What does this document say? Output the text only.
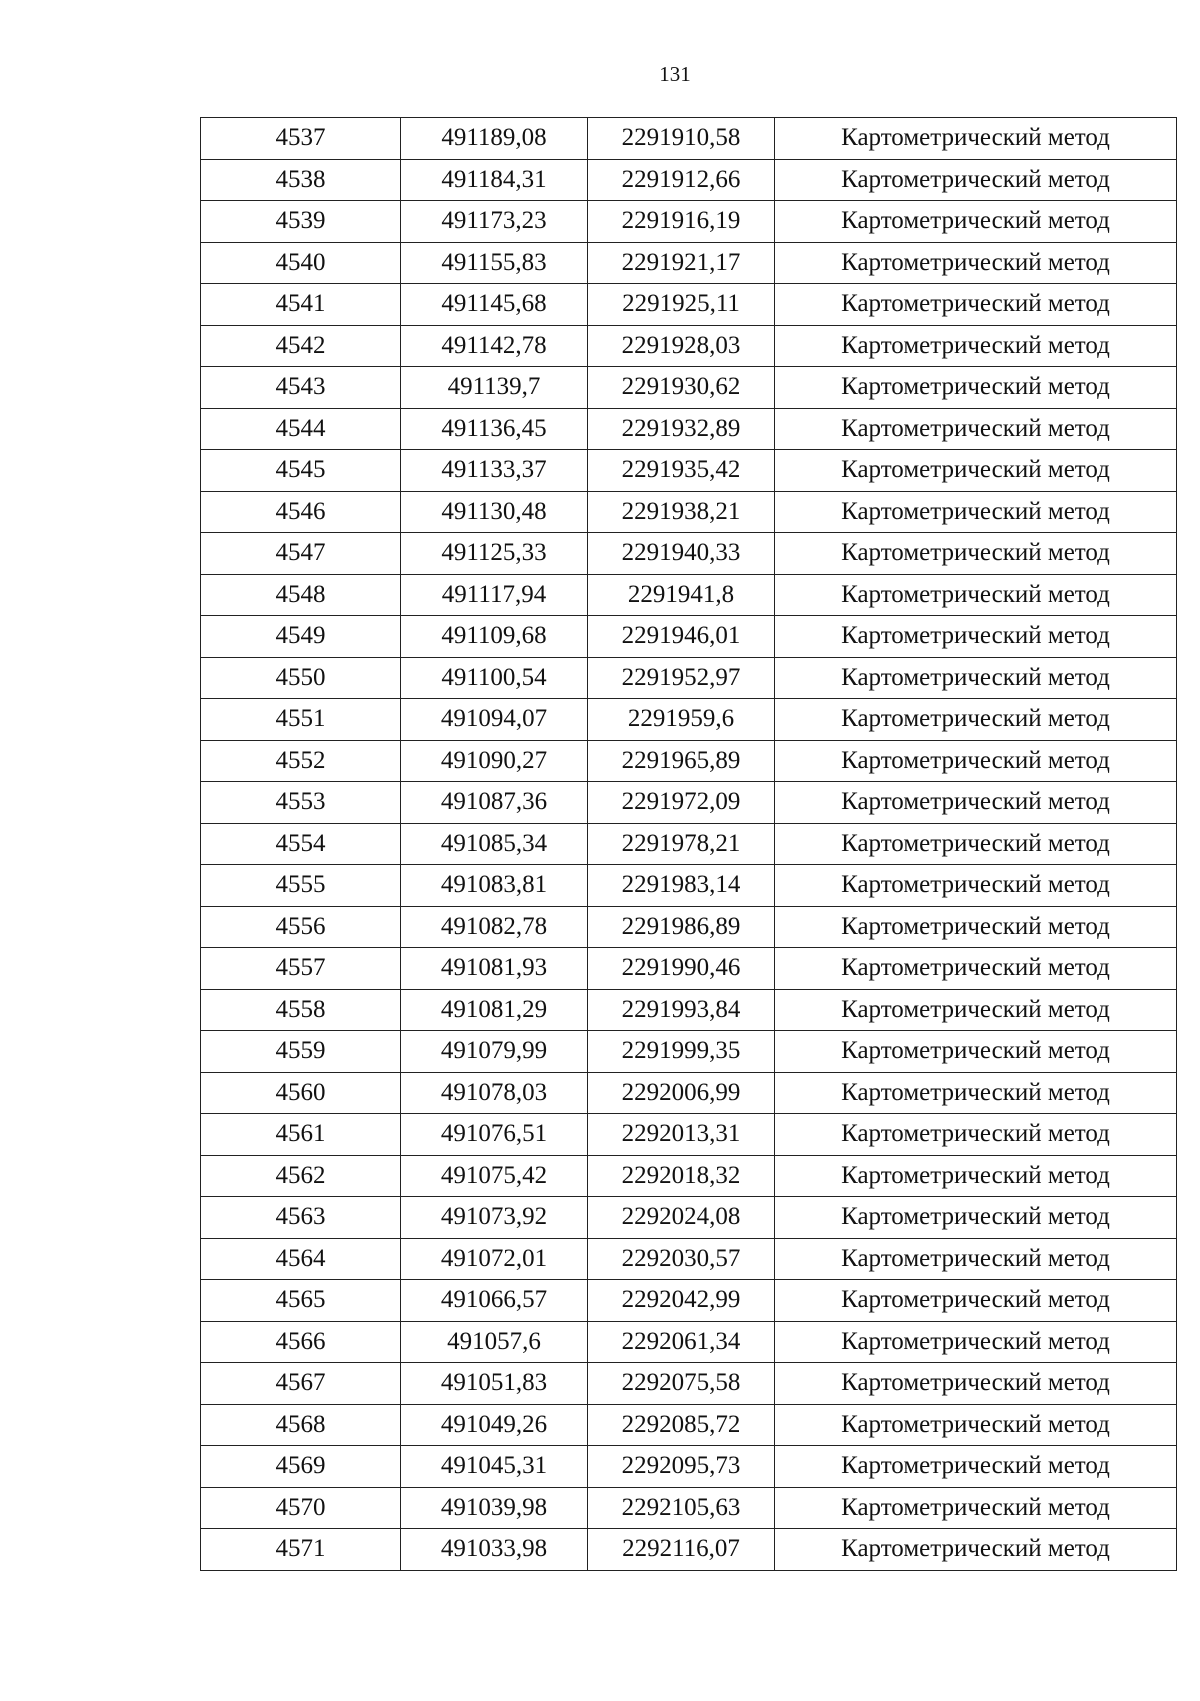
131
4537	491189,08	2291910,58	Картометрический метод
4538	491184,31	2291912,66	Картометрический метод
4539	491173,23	2291916,19	Картометрический метод
4540	491155,83	2291921,17	Картометрический метод
4541	491145,68	2291925,11	Картометрический метод
4542	491142,78	2291928,03	Картометрический метод
4543	491139,7	2291930,62	Картометрический метод
4544	491136,45	2291932,89	Картометрический метод
4545	491133,37	2291935,42	Картометрический метод
4546	491130,48	2291938,21	Картометрический метод
4547	491125,33	2291940,33	Картометрический метод
4548	491117,94	2291941,8	Картометрический метод
4549	491109,68	2291946,01	Картометрический метод
4550	491100,54	2291952,97	Картометрический метод
4551	491094,07	2291959,6	Картометрический метод
4552	491090,27	2291965,89	Картометрический метод
4553	491087,36	2291972,09	Картометрический метод
4554	491085,34	2291978,21	Картометрический метод
4555	491083,81	2291983,14	Картометрический метод
4556	491082,78	2291986,89	Картометрический метод
4557	491081,93	2291990,46	Картометрический метод
4558	491081,29	2291993,84	Картометрический метод
4559	491079,99	2291999,35	Картометрический метод
4560	491078,03	2292006,99	Картометрический метод
4561	491076,51	2292013,31	Картометрический метод
4562	491075,42	2292018,32	Картометрический метод
4563	491073,92	2292024,08	Картометрический метод
4564	491072,01	2292030,57	Картометрический метод
4565	491066,57	2292042,99	Картометрический метод
4566	491057,6	2292061,34	Картометрический метод
4567	491051,83	2292075,58	Картометрический метод
4568	491049,26	2292085,72	Картометрический метод
4569	491045,31	2292095,73	Картометрический метод
4570	491039,98	2292105,63	Картометрический метод
4571	491033,98	2292116,07	Картометрический метод
